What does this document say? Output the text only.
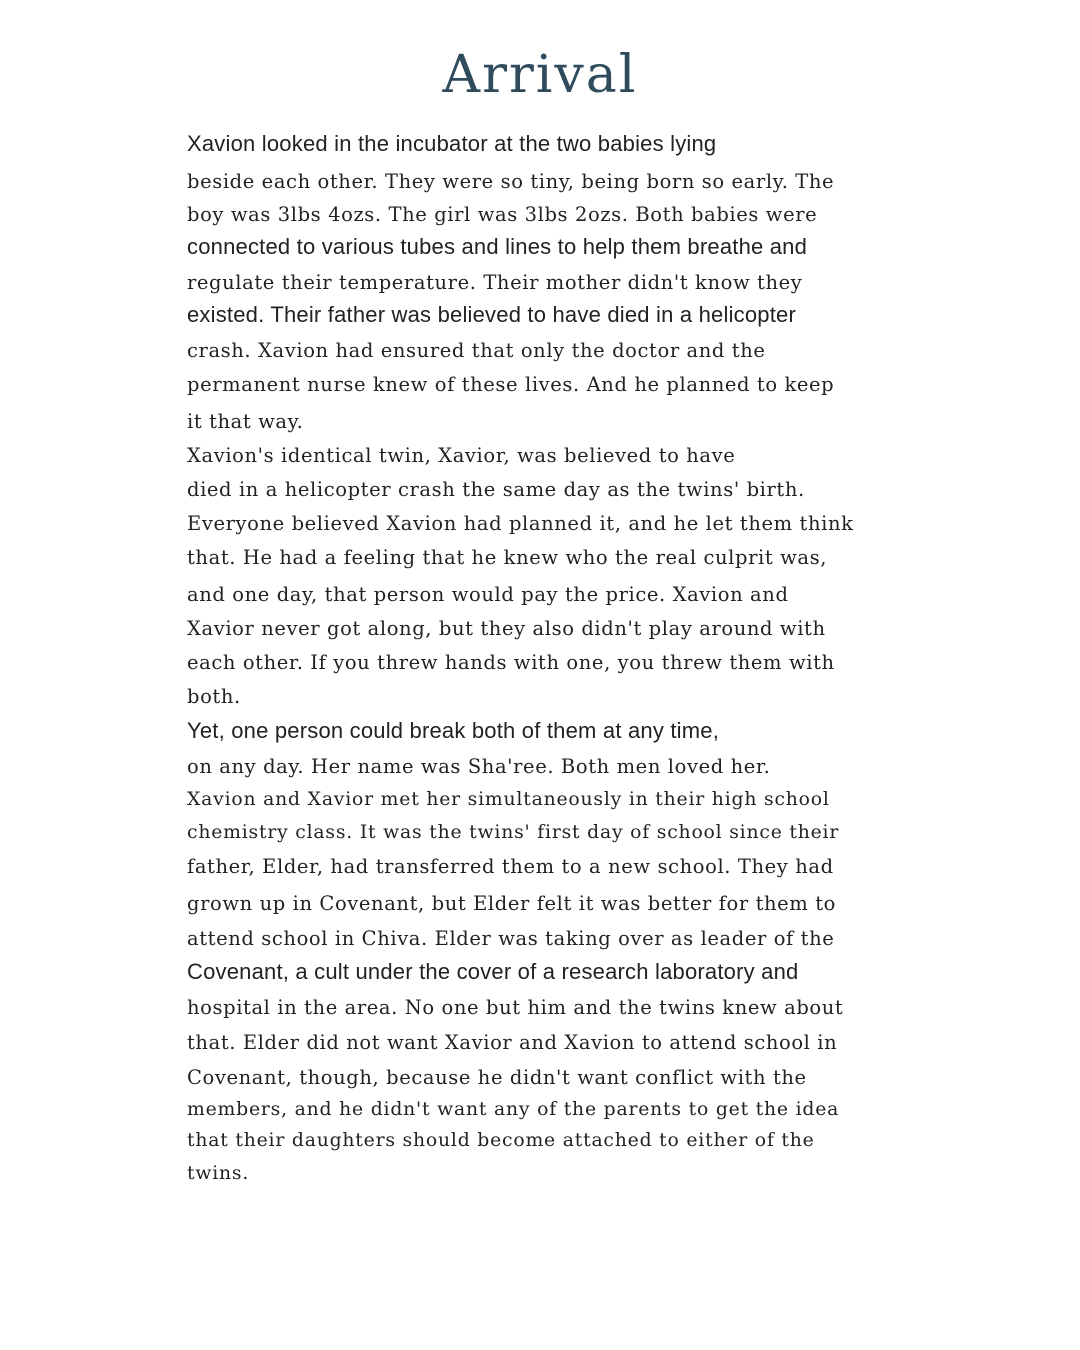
Arrival
Xavion looked in the incubator at the two babies lying
beside each other. They were so tiny, being born so early. The
boy was 3lbs 4ozs. The girl was 3lbs 2ozs. Both babies were
connected to various tubes and lines to help them breathe and
regulate their temperature. Their mother didn't know they
existed. Their father was believed to have died in a helicopter
crash. Xavion had ensured that only the doctor and the
permanent nurse knew of these lives. And he planned to keep
it that way.
Xavion's identical twin, Xavior, was believed to have
died in a helicopter crash the same day as the twins' birth.
Everyone believed Xavion had planned it, and he let them think
that. He had a feeling that he knew who the real culprit was,
and one day, that person would pay the price. Xavion and
Xavior never got along, but they also didn't play around with
each other. If you threw hands with one, you threw them with
both.
Yet, one person could break both of them at any time,
on any day. Her name was Sha'ree. Both men loved her.
Xavion and Xavior met her simultaneously in their high school
chemistry class. It was the twins' first day of school since their
father, Elder, had transferred them to a new school. They had
grown up in Covenant, but Elder felt it was better for them to
attend school in Chiva. Elder was taking over as leader of the
Covenant, a cult under the cover of a research laboratory and
hospital in the area. No one but him and the twins knew about
that. Elder did not want Xavior and Xavion to attend school in
Covenant, though, because he didn't want conflict with the
members, and he didn't want any of the parents to get the idea
that their daughters should become attached to either of the
twins.
